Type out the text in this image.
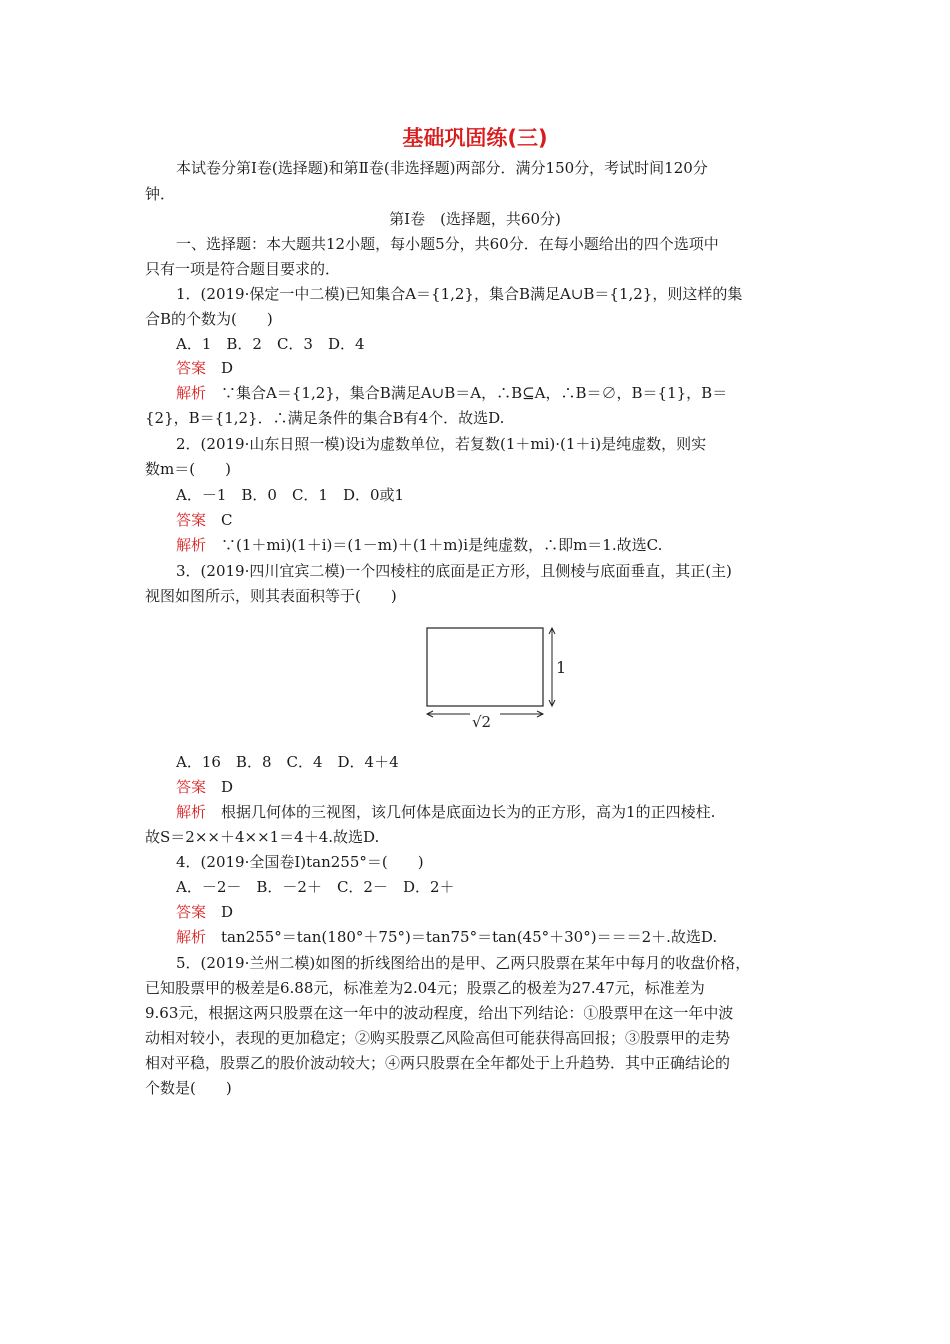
基础巩固练(三)
本试卷分第Ⅰ卷(选择题)和第Ⅱ卷(非选择题)两部分．满分150分，考试时间120分
钟．
第Ⅰ卷　(选择题，共60分)
一、选择题：本大题共12小题，每小题5分，共60分．在每小题给出的四个选项中
只有一项是符合题目要求的．
1．(2019·保定一中二模)已知集合A＝{1,2}，集合B满足A∪B＝{1,2}，则这样的集
合B的个数为(　　)
A．1　B．2　C．3　D．4
答案　 D
解析　 ∵集合A＝{1,2}，集合B满足A∪B＝A，∴B⊆A，∴B＝∅，B＝{1}，B＝
{2}，B＝{1,2}．∴满足条件的集合B有4个．故选D.
2．(2019·山东日照一模)设i为虚数单位，若复数(1＋mi)·(1＋i)是纯虚数，则实
数m＝(　　)
A．－1　B．0　C．1　D．0或1
答案　 C
解析　 ∵(1＋mi)(1＋i)＝(1－m)＋(1＋m)i是纯虚数，∴即m＝1.故选C.
3．(2019·四川宜宾二模)一个四棱柱的底面是正方形，且侧棱与底面垂直，其正(主)
视图如图所示，则其表面积等于(　　)
1
√2
A．16　B．8　C．4　D．4＋4
答案　 D
解析　 根据几何体的三视图，该几何体是底面边长为的正方形，高为1的正四棱柱.
故S＝2××＋4××1＝4＋4.故选D.
4．(2019·全国卷Ⅰ)tan255°＝(　　)
A．－2－　B．－2＋　C．2－　D．2＋
答案　 D
解析　 tan255°＝tan(180°＋75°)＝tan75°＝tan(45°＋30°)＝＝＝2＋.故选D.
5．(2019·兰州二模)如图的折线图给出的是甲、乙两只股票在某年中每月的收盘价格，
已知股票甲的极差是6.88元，标准差为2.04元；股票乙的极差为27.47元，标准差为
9.63元，根据这两只股票在这一年中的波动程度，给出下列结论：①股票甲在这一年中波
动相对较小，表现的更加稳定；②购买股票乙风险高但可能获得高回报；③股票甲的走势
相对平稳，股票乙的股价波动较大；④两只股票在全年都处于上升趋势．其中正确结论的
个数是(　　)
